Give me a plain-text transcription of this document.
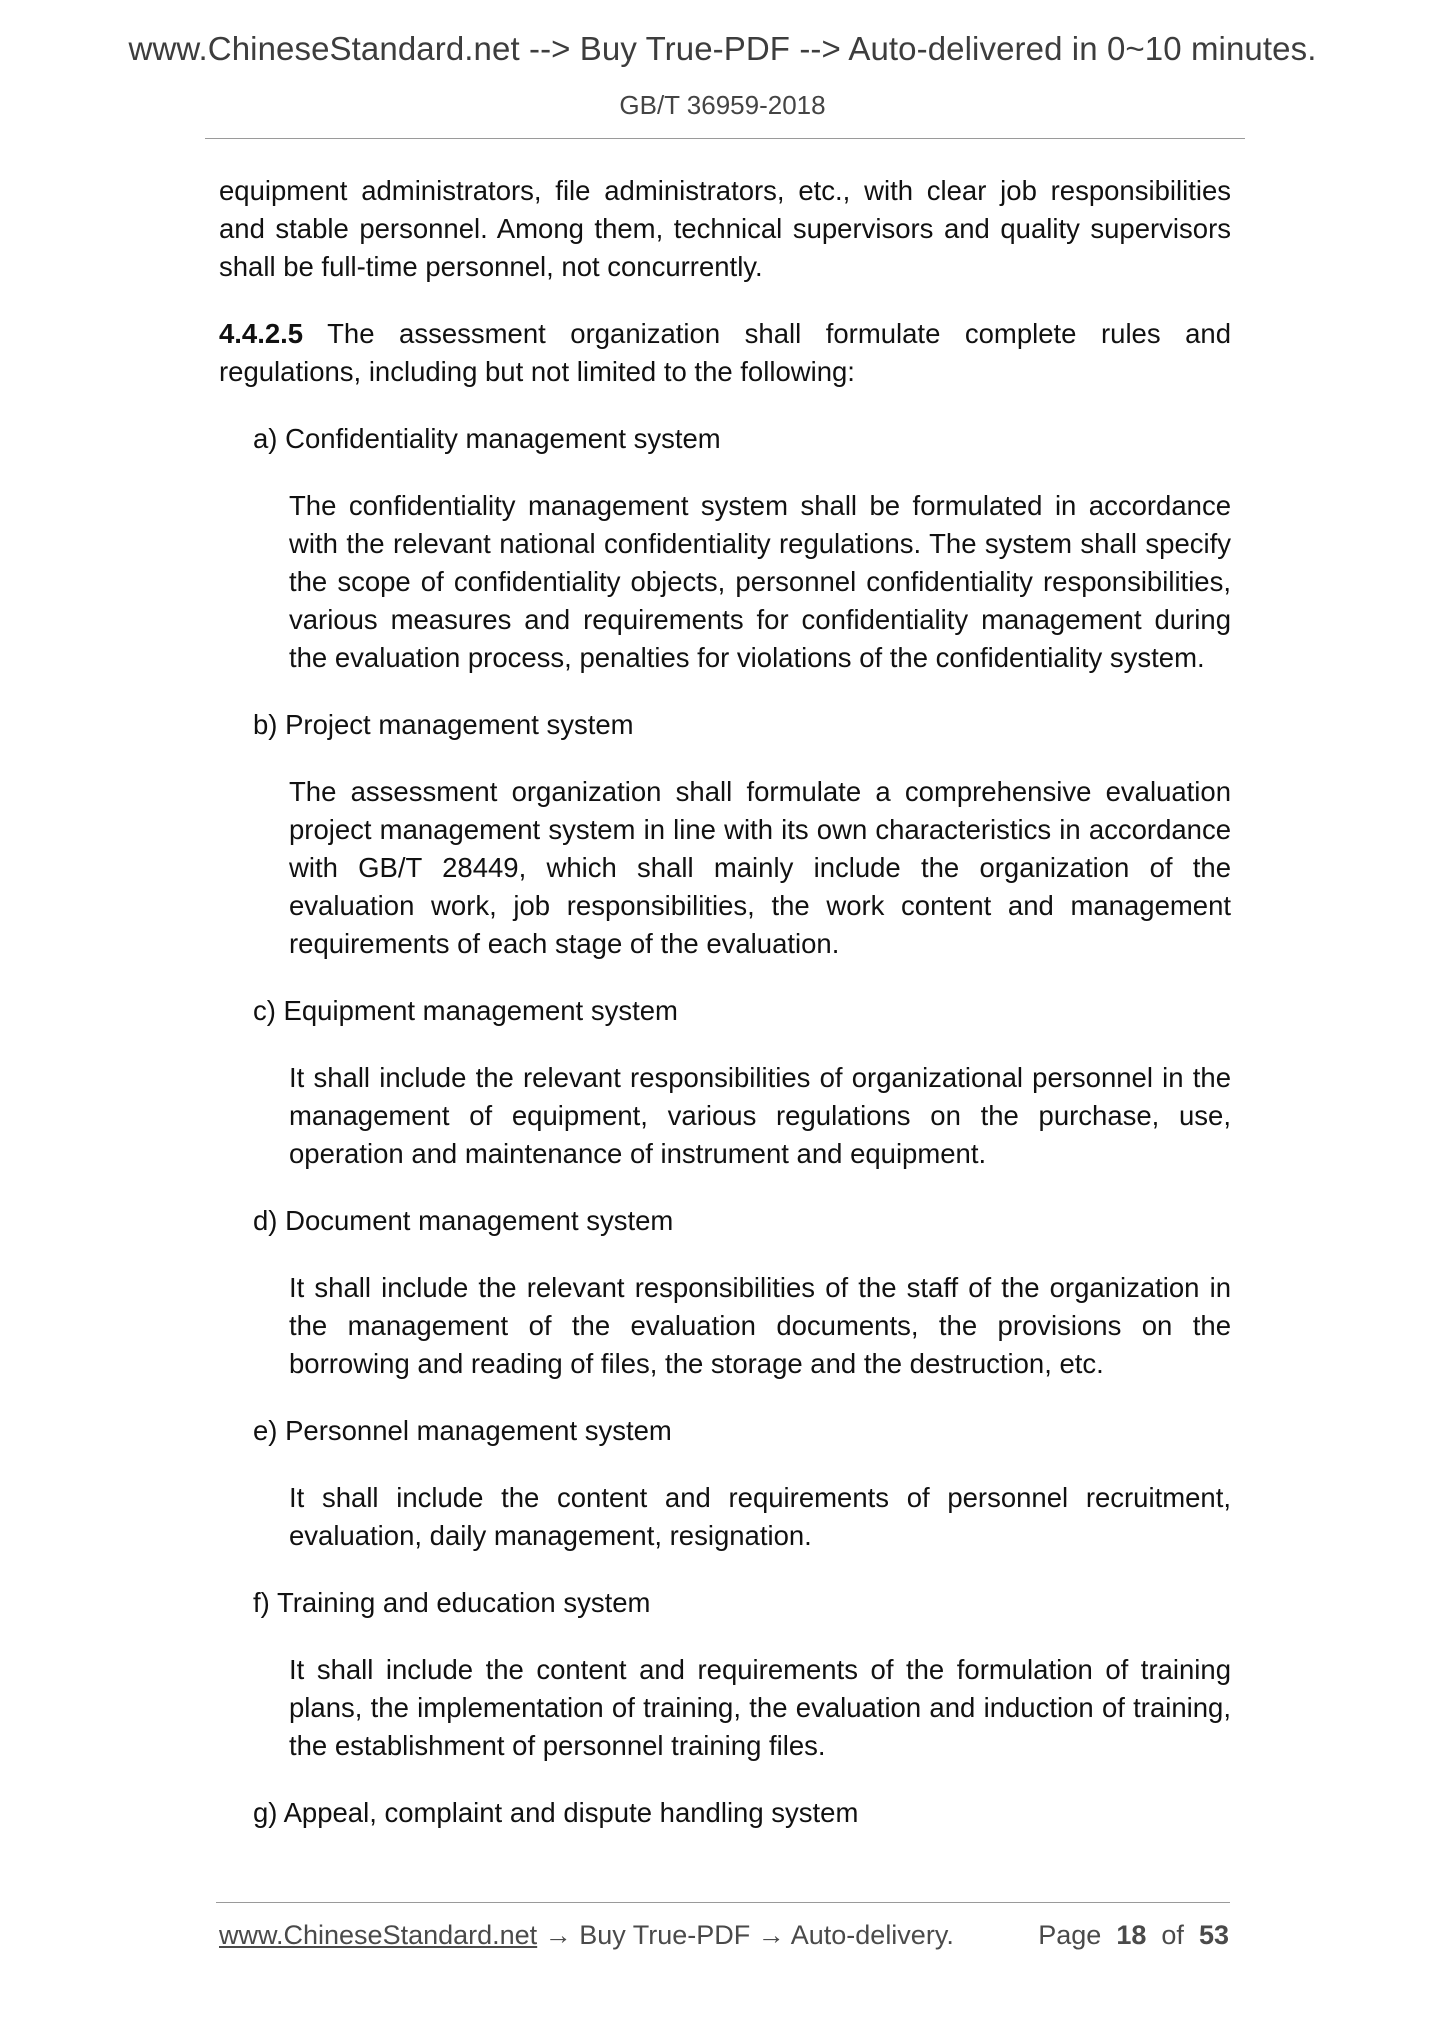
www.ChineseStandard.net --> Buy True-PDF --> Auto-delivered in 0~10 minutes.
GB/T 36959-2018

equipment administrators, file administrators, etc., with clear job responsibilities and stable personnel. Among them, technical supervisors and quality supervisors shall be full-time personnel, not concurrently.

4.4.2.5 The assessment organization shall formulate complete rules and regulations, including but not limited to the following:

a) Confidentiality management system

The confidentiality management system shall be formulated in accordance with the relevant national confidentiality regulations. The system shall specify the scope of confidentiality objects, personnel confidentiality responsibilities, various measures and requirements for confidentiality management during the evaluation process, penalties for violations of the confidentiality system.

b) Project management system

The assessment organization shall formulate a comprehensive evaluation project management system in line with its own characteristics in accordance with GB/T 28449, which shall mainly include the organization of the evaluation work, job responsibilities, the work content and management requirements of each stage of the evaluation.

c) Equipment management system

It shall include the relevant responsibilities of organizational personnel in the management of equipment, various regulations on the purchase, use, operation and maintenance of instrument and equipment.

d) Document management system

It shall include the relevant responsibilities of the staff of the organization in the management of the evaluation documents, the provisions on the borrowing and reading of files, the storage and the destruction, etc.

e) Personnel management system

It shall include the content and requirements of personnel recruitment, evaluation, daily management, resignation.

f) Training and education system

It shall include the content and requirements of the formulation of training plans, the implementation of training, the evaluation and induction of training, the establishment of personnel training files.

g) Appeal, complaint and dispute handling system

www.ChineseStandard.net → Buy True-PDF → Auto-delivery.	Page 18 of 53
